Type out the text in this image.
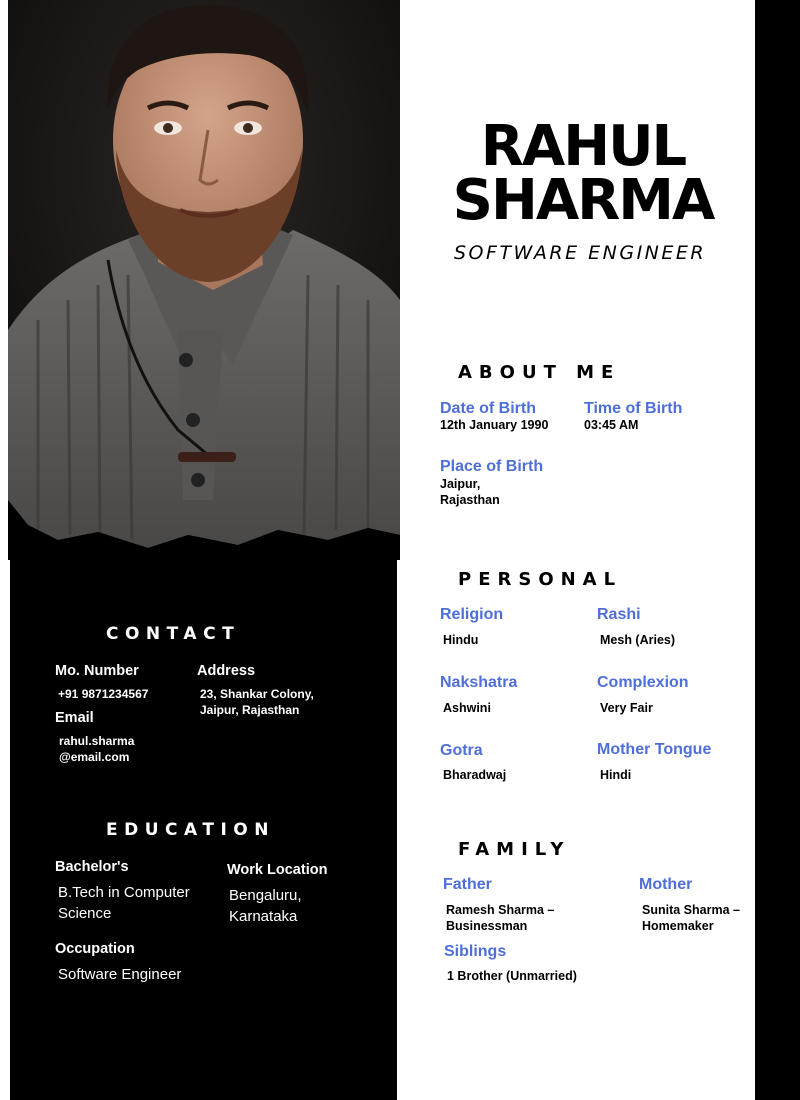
RAHUL
SHARMA
SOFTWARE ENGINEER
ABOUT ME
Date of Birth
12th January 1990
Time of Birth
03:45 AM
Place of Birth
Jaipur, Rajasthan
PERSONAL
Religion
Hindu
Rashi
Mesh (Aries)
Nakshatra
Ashwini
Complexion
Very Fair
Gotra
Bharadwaj
Mother Tongue
Hindi
FAMILY
Father
Ramesh Sharma – Businessman
Mother
Sunita Sharma – Homemaker
Siblings
1 Brother (Unmarried)
CONTACT
Mo. Number
+91 9871234567
Address
23, Shankar Colony, Jaipur, Rajasthan
Email
rahul.sharma @email.com
EDUCATION
Bachelor's
B.Tech in Computer Science
Work Location
Bengaluru, Karnataka
Occupation
Software Engineer
